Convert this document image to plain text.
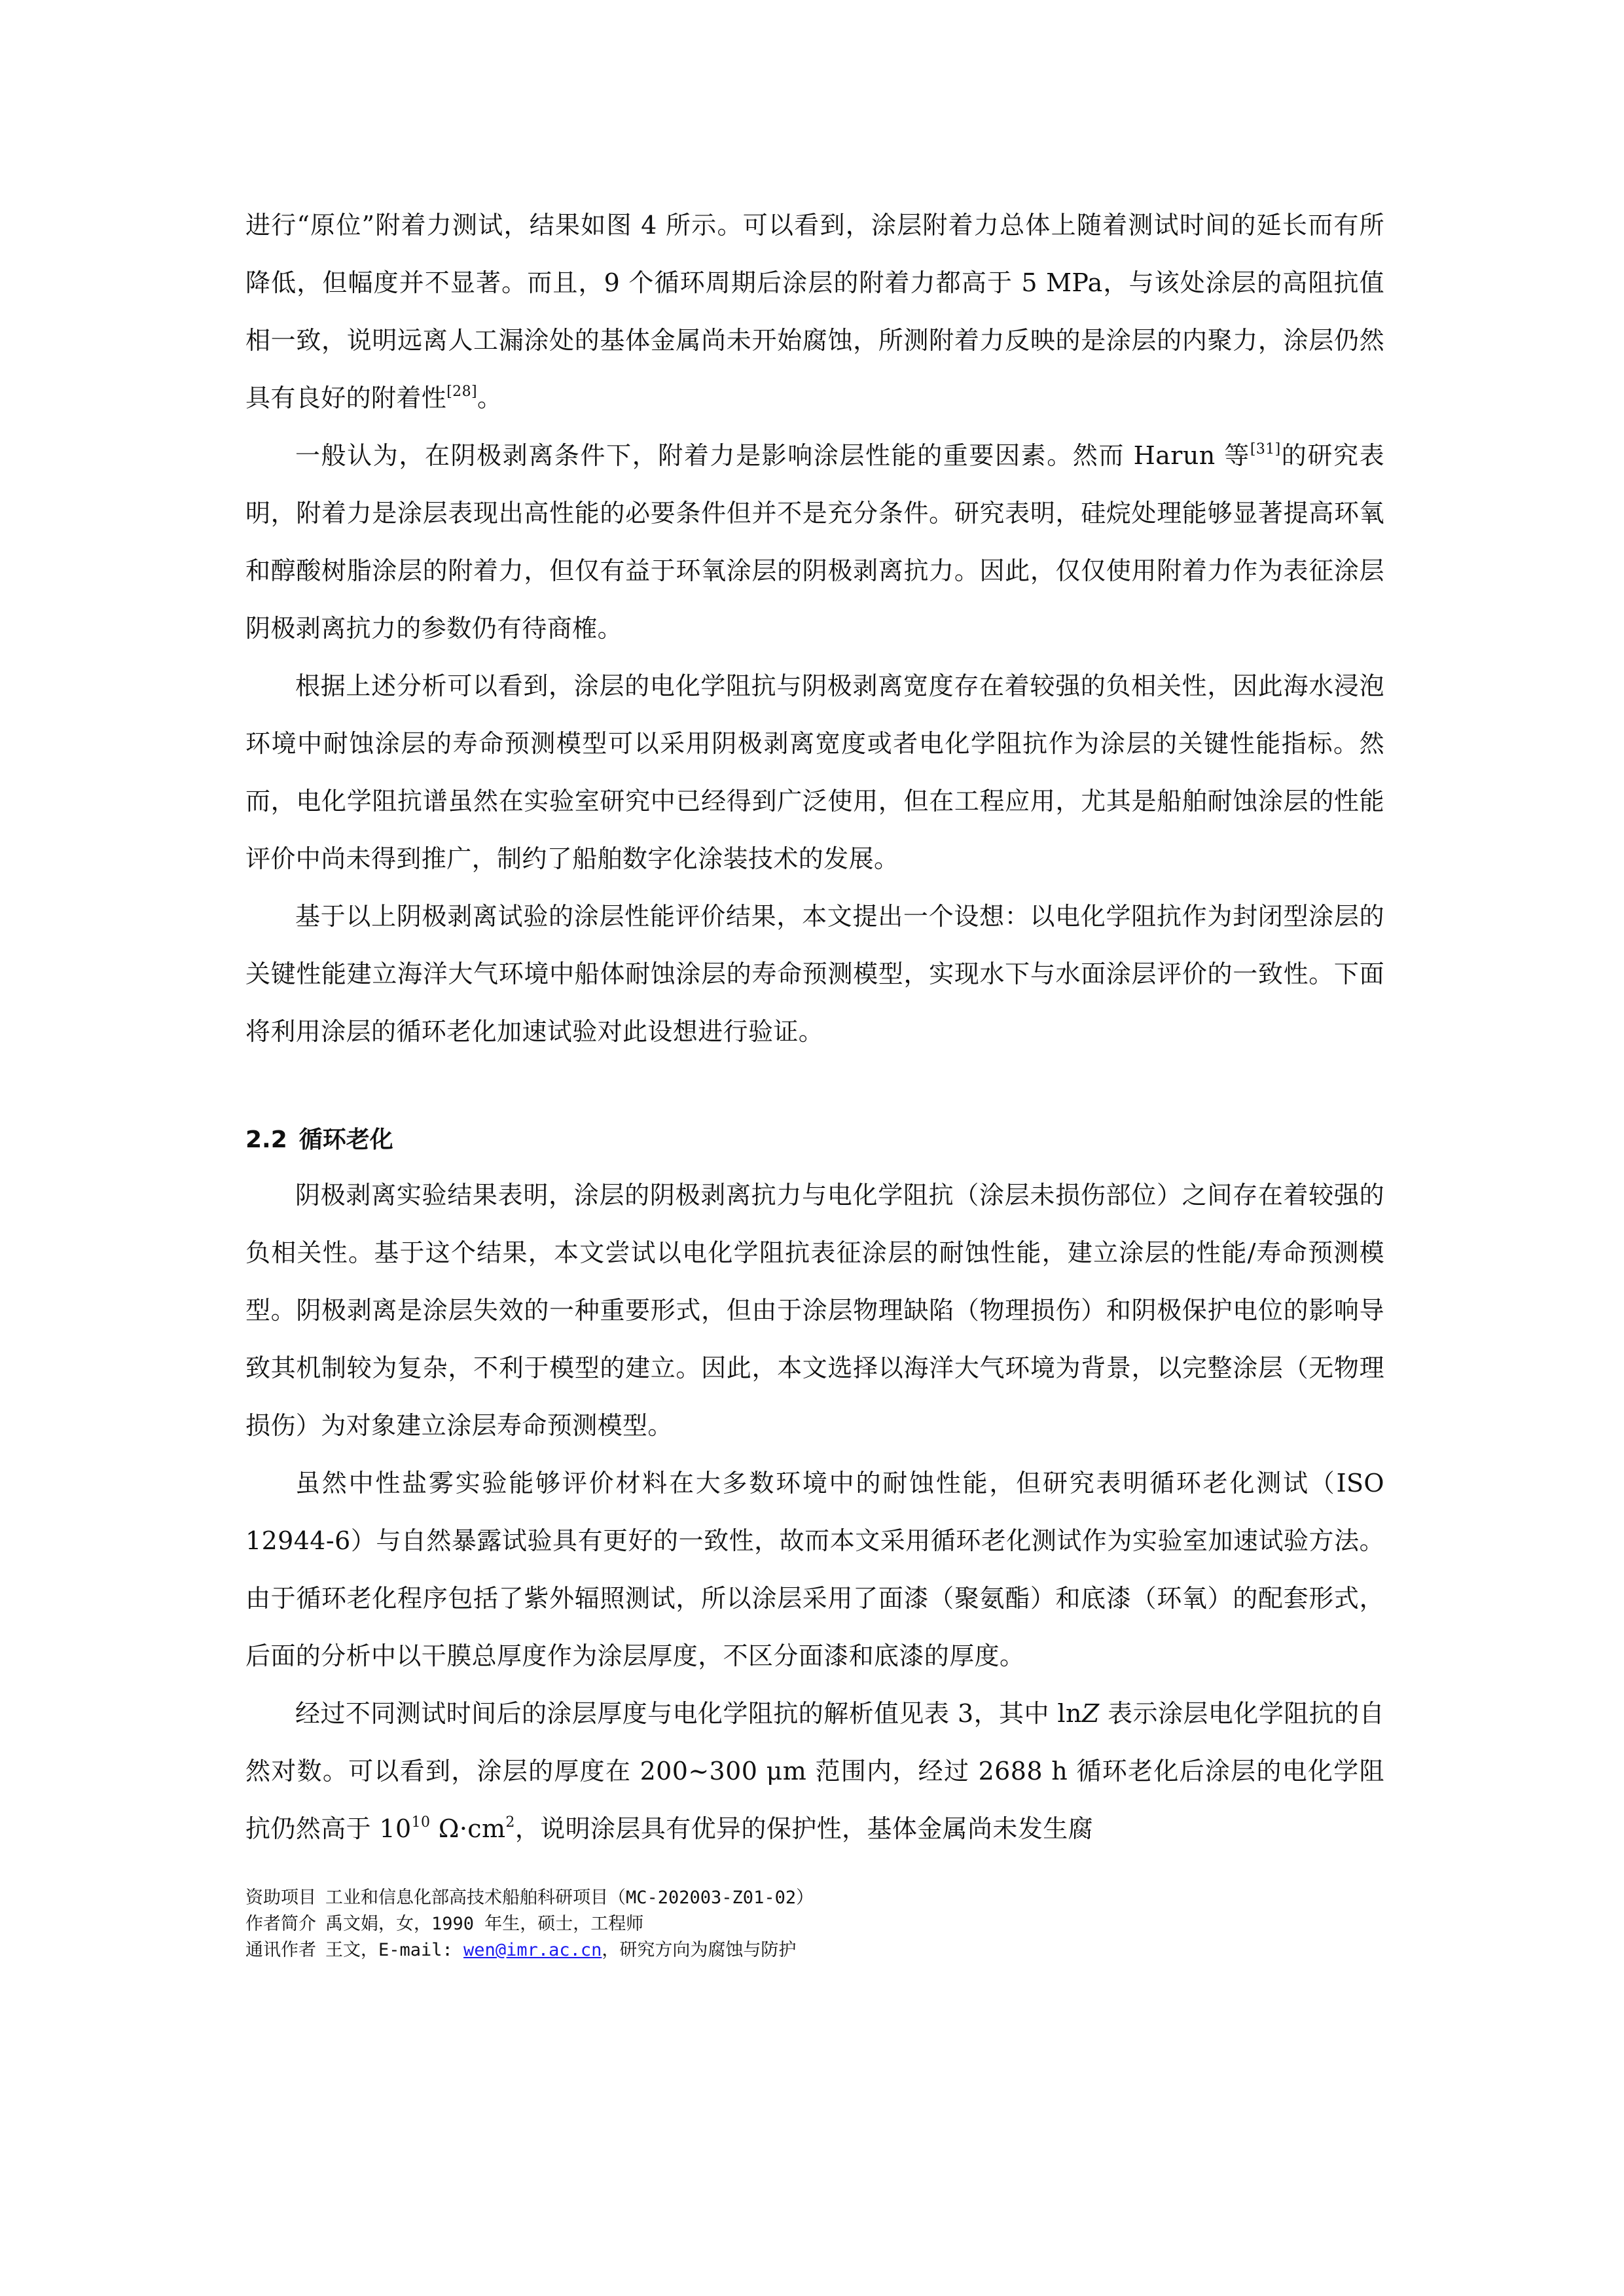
进行“原位”附着力测试，结果如图 4 所示。可以看到，涂层附着力总体上随着测试时间的延长而有所降低，但幅度并不显著。而且，9 个循环周期后涂层的附着力都高于 5 MPa，与该处涂层的高阻抗值相一致，说明远离人工漏涂处的基体金属尚未开始腐蚀，所测附着力反映的是涂层的内聚力，涂层仍然具有良好的附着性[28]。

一般认为，在阴极剥离条件下，附着力是影响涂层性能的重要因素。然而 Harun 等[31]的研究表明，附着力是涂层表现出高性能的必要条件但并不是充分条件。研究表明，硅烷处理能够显著提高环氧和醇酸树脂涂层的附着力，但仅有益于环氧涂层的阴极剥离抗力。因此，仅仅使用附着力作为表征涂层阴极剥离抗力的参数仍有待商榷。

根据上述分析可以看到，涂层的电化学阻抗与阴极剥离宽度存在着较强的负相关性，因此海水浸泡环境中耐蚀涂层的寿命预测模型可以采用阴极剥离宽度或者电化学阻抗作为涂层的关键性能指标。然而，电化学阻抗谱虽然在实验室研究中已经得到广泛使用，但在工程应用，尤其是船舶耐蚀涂层的性能评价中尚未得到推广，制约了船舶数字化涂装技术的发展。

基于以上阴极剥离试验的涂层性能评价结果，本文提出一个设想：以电化学阻抗作为封闭型涂层的关键性能建立海洋大气环境中船体耐蚀涂层的寿命预测模型，实现水下与水面涂层评价的一致性。下面将利用涂层的循环老化加速试验对此设想进行验证。

2.2 循环老化

阴极剥离实验结果表明，涂层的阴极剥离抗力与电化学阻抗（涂层未损伤部位）之间存在着较强的负相关性。基于这个结果，本文尝试以电化学阻抗表征涂层的耐蚀性能，建立涂层的性能/寿命预测模型。阴极剥离是涂层失效的一种重要形式，但由于涂层物理缺陷（物理损伤）和阴极保护电位的影响导致其机制较为复杂，不利于模型的建立。因此，本文选择以海洋大气环境为背景，以完整涂层（无物理损伤）为对象建立涂层寿命预测模型。

虽然中性盐雾实验能够评价材料在大多数环境中的耐蚀性能，但研究表明循环老化测试（ISO 12944-6）与自然暴露试验具有更好的一致性，故而本文采用循环老化测试作为实验室加速试验方法。由于循环老化程序包括了紫外辐照测试，所以涂层采用了面漆（聚氨酯）和底漆（环氧）的配套形式，后面的分析中以干膜总厚度作为涂层厚度，不区分面漆和底漆的厚度。

经过不同测试时间后的涂层厚度与电化学阻抗的解析值见表 3，其中 lnZ 表示涂层电化学阻抗的自然对数。可以看到，涂层的厚度在 200~300 μm 范围内，经过 2688 h 循环老化后涂层的电化学阻抗仍然高于 $10^{10}$ $\Omega\cdot cm^2$，说明涂层具有优异的保护性，基体金属尚未发生腐

资助项目 工业和信息化部高技术船舶科研项目（MC-202003-Z01-02）
作者简介 禹文娟，女，1990 年生，硕士，工程师
通讯作者 王文，E-mail: wen@imr.ac.cn，研究方向为腐蚀与防护
